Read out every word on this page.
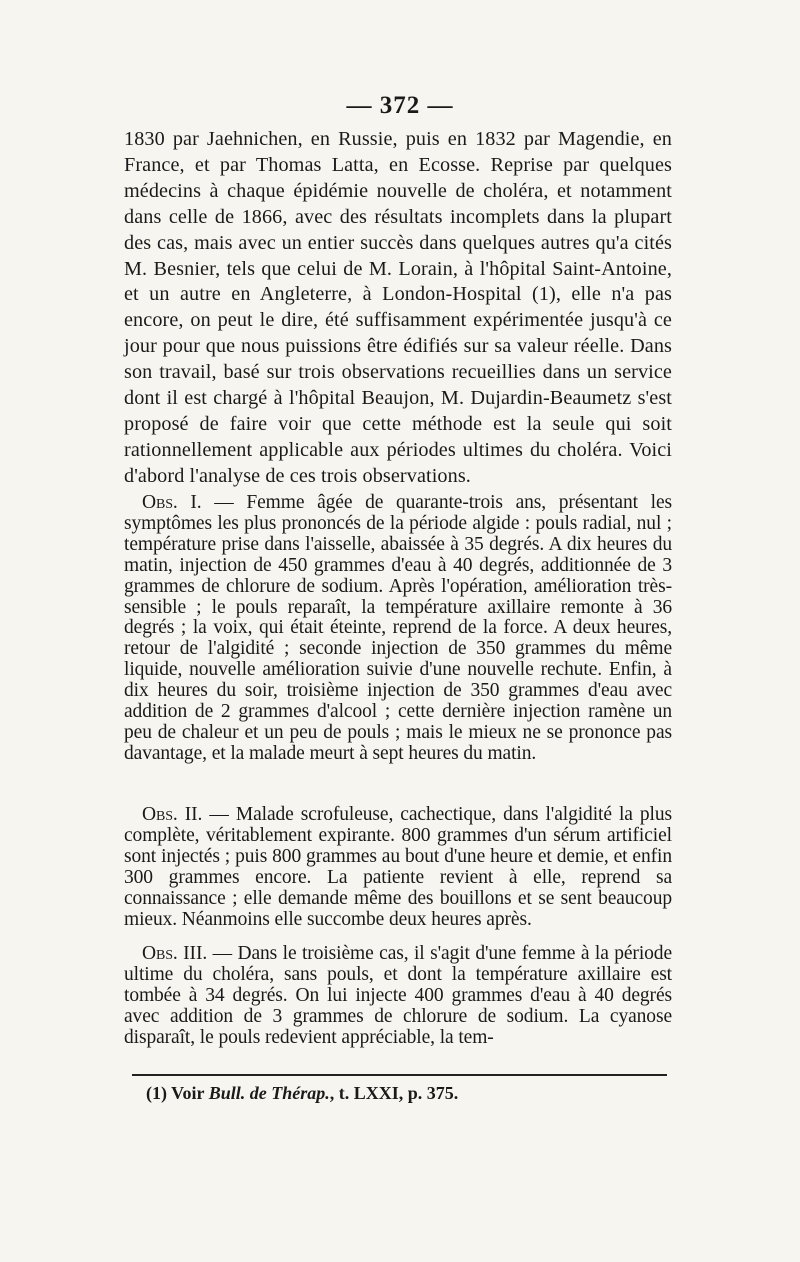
— 372 —

1830 par Jaehnichen, en Russie, puis en 1832 par Magendie, en France, et par Thomas Latta, en Ecosse. Reprise par quelques médecins à chaque épidémie nouvelle de choléra, et notamment dans celle de 1866, avec des résultats incomplets dans la plupart des cas, mais avec un entier succès dans quelques autres qu'a cités M. Besnier, tels que celui de M. Lorain, à l'hôpital Saint-Antoine, et un autre en Angleterre, à London-Hospital (1), elle n'a pas encore, on peut le dire, été suffisamment expérimentée jusqu'à ce jour pour que nous puissions être édifiés sur sa valeur réelle. Dans son travail, basé sur trois observations recueillies dans un service dont il est chargé à l'hôpital Beaujon, M. Dujardin-Beaumetz s'est proposé de faire voir que cette méthode est la seule qui soit rationnellement applicable aux périodes ultimes du choléra. Voici d'abord l'analyse de ces trois observations.

Obs. I. — Femme âgée de quarante-trois ans, présentant les symptômes les plus prononcés de la période algide : pouls radial, nul ; température prise dans l'aisselle, abaissée à 35 degrés. A dix heures du matin, injection de 450 grammes d'eau à 40 degrés, additionnée de 3 grammes de chlorure de sodium. Après l'opération, amélioration très-sensible ; le pouls reparaît, la température axillaire remonte à 36 degrés ; la voix, qui était éteinte, reprend de la force. A deux heures, retour de l'algidité ; seconde injection de 350 grammes du même liquide, nouvelle amélioration suivie d'une nouvelle rechute. Enfin, à dix heures du soir, troisième injection de 350 grammes d'eau avec addition de 2 grammes d'alcool ; cette dernière injection ramène un peu de chaleur et un peu de pouls ; mais le mieux ne se prononce pas davantage, et la malade meurt à sept heures du matin.

Obs. II. — Malade scrofuleuse, cachectique, dans l'algidité la plus complète, véritablement expirante. 800 grammes d'un sérum artificiel sont injectés ; puis 800 grammes au bout d'une heure et demie, et enfin 300 grammes encore. La patiente revient à elle, reprend sa connaissance ; elle demande même des bouillons et se sent beaucoup mieux. Néanmoins elle succombe deux heures après.

Obs. III. — Dans le troisième cas, il s'agit d'une femme à la période ultime du choléra, sans pouls, et dont la température axillaire est tombée à 34 degrés. On lui injecte 400 grammes d'eau à 40 degrés avec addition de 3 grammes de chlorure de sodium. La cyanose disparaît, le pouls redevient appréciable, la tem-

(1) Voir Bull. de Thérap., t. LXXI, p. 375.
